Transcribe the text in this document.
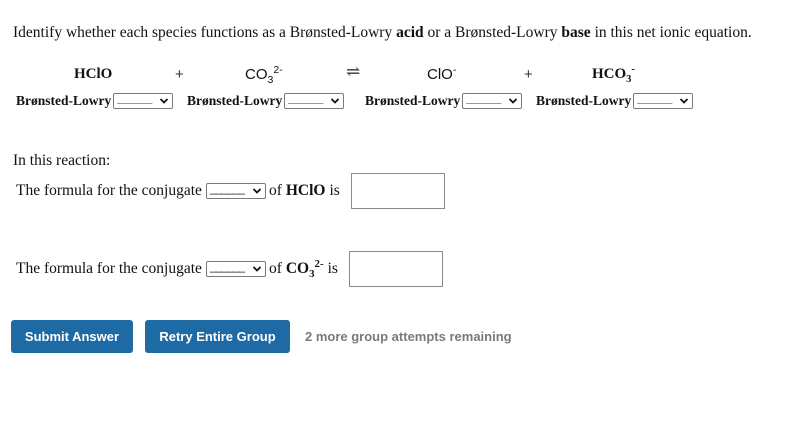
Identify whether each species functions as a Brønsted-Lowry acid or a Brønsted-Lowry base in this net ionic equation.
HClO	+	$CO_3^{2-}$	⇌	ClO-	+	$HCO_3^-$
Brønsted-Lowry ______	Brønsted-Lowry ______	Brønsted-Lowry ______	Brønsted-Lowry ______
In this reaction:
The formula for the conjugate ______ of HClO is
The formula for the conjugate ______ of $CO_3^{2-}$ is
Submit Answer	Retry Entire Group	2 more group attempts remaining
